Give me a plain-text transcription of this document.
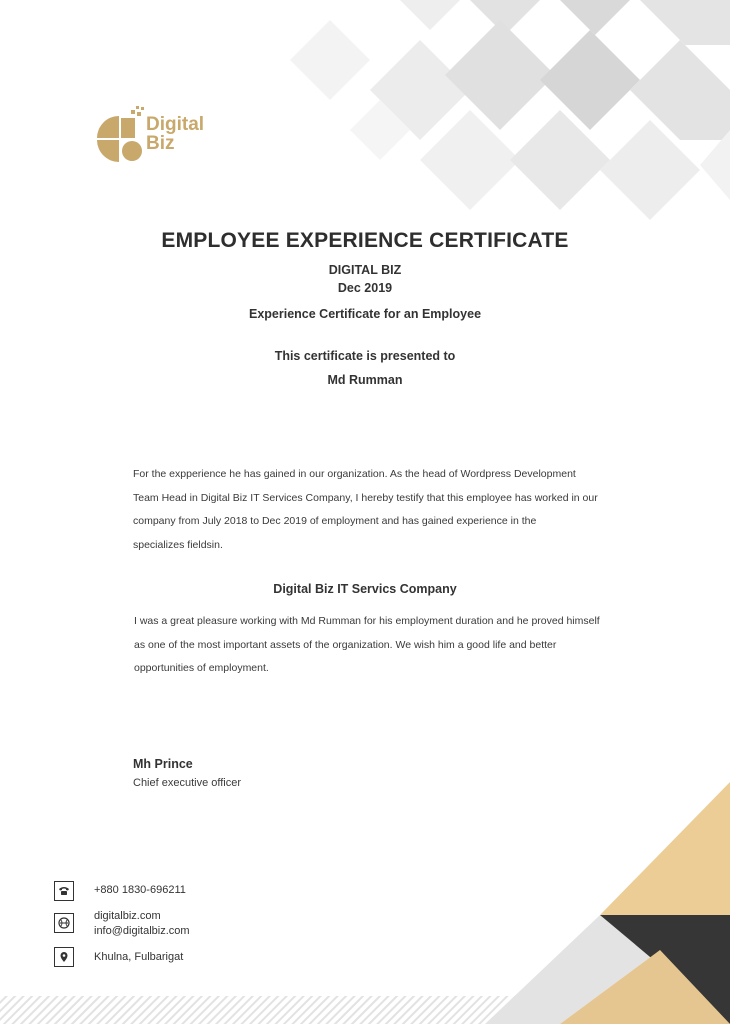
Digital
Biz
EMPLOYEE EXPERIENCE CERTIFICATE
DIGITAL BIZ
Dec 2019
Experience Certificate for an Employee
This certificate is presented to
Md Rumman
For the expperience he has gained in our organization. As the head of Wordpress Development
Team Head in Digital Biz IT Services Company, I hereby testify that this employee has worked in our
company from July 2018 to Dec 2019 of employment and has gained experience in the
specializes fieldsin.
Digital Biz IT Servics Company
I was a great pleasure working with Md Rumman for his employment duration and he proved himself
as one of the most important assets of the organization. We wish him a good life and better
opportunities of employment.
Mh Prince
Chief executive officer
+880 1830-696211
digitalbiz.com
info@digitalbiz.com
Khulna, Fulbarigat
